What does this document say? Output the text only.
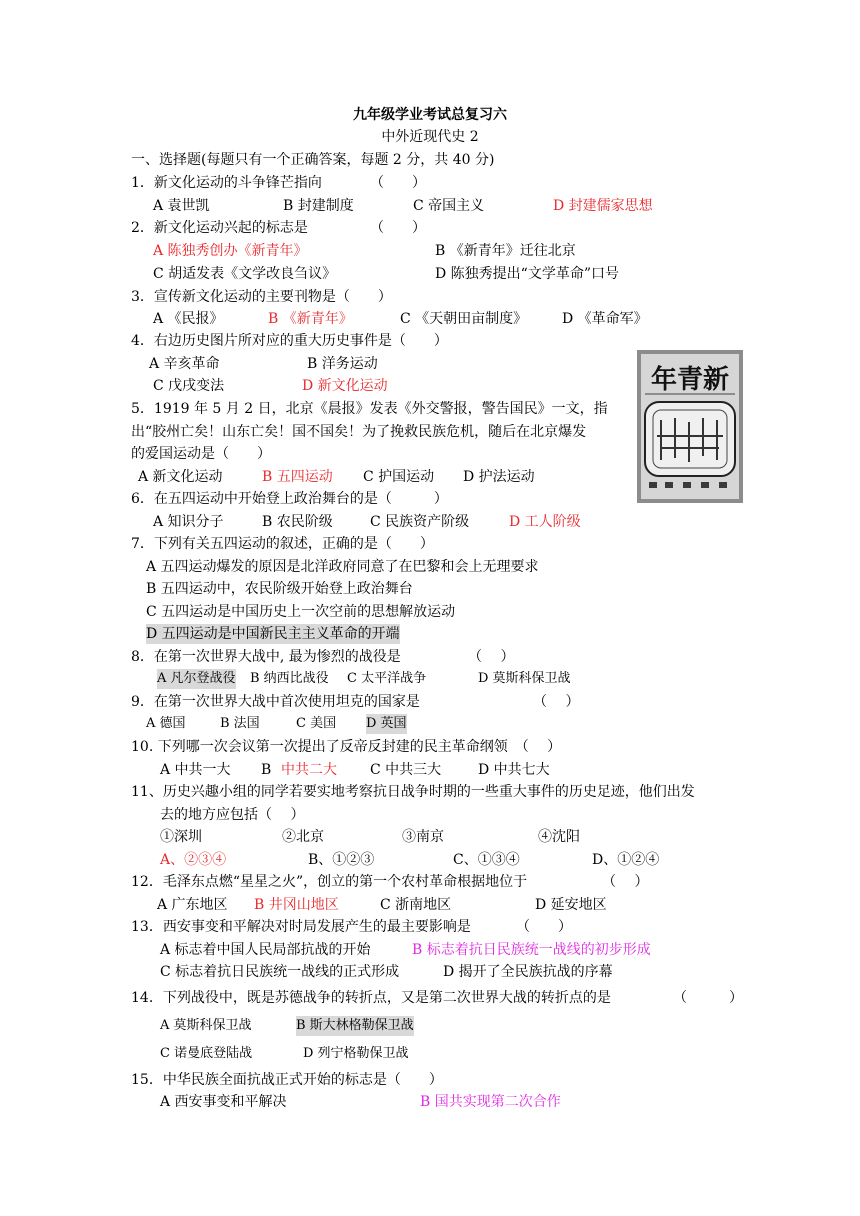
九年级学业考试总复习六
中外近现代史 2
一、选择题(每题只有一个正确答案，每题 2 分，共 40 分)
年青新
1．新文化运动的斗争锋芒指向	（　　）
A 袁世凯	B 封建制度	C 帝国主义	D 封建儒家思想
2．新文化运动兴起的标志是	（　　）
A 陈独秀创办《新青年》	B 《新青年》迁往北京
C 胡适发表《文学改良刍议》	D 陈独秀提出“文学革命”口号
3．宣传新文化运动的主要刊物是（　　）
A 《民报》	B 《新青年》	C 《天朝田亩制度》 D 《革命军》
4．右边历史图片所对应的重大历史事件是（　　）
A 辛亥革命	B 洋务运动
C 戊戌变法	D 新文化运动
5．1919 年 5 月 2 日，北京《晨报》发表《外交警报，警告国民》一文，指
出“胶州亡矣！山东亡矣！国不国矣！为了挽救民族危机，随后在北京爆发
的爱国运动是（　　）
A 新文化运动	B 五四运动 C 护国运动 D 护法运动
6．在五四运动中开始登上政治舞台的是（　　　）
A 知识分子	B 农民阶级	C 民族资产阶级	D 工人阶级
7．下列有关五四运动的叙述，正确的是（　　）
A 五四运动爆发的原因是北洋政府同意了在巴黎和会上无理要求
B 五四运动中，农民阶级开始登上政治舞台
C 五四运动是中国历史上一次空前的思想解放运动
D 五四运动是中国新民主主义革命的开端
8．在第一次世界大战中, 最为惨烈的战役是	（　 ）
A 凡尔登战役 B 纳西比战役 C 太平洋战争	D 莫斯科保卫战
9．在第一次世界大战中首次使用坦克的国家是	（　 ）
A 德国	B 法国	C 美国 D 英国
10. 下列哪一次会议第一次提出了反帝反封建的民主革命纲领　（　 ）
A 中共一大 B 中共二大 C 中共三大	D 中共七大
11、历史兴趣小组的同学若要实地考察抗日战争时期的一些重大事件的历史足迹，他们出发
去的地方应包括（　 ）
①深圳	②北京	③南京	④沈阳
A、②③④	B、①②③	C、①③④	D、①②④
12．毛泽东点燃“星星之火”，创立的第一个农村革命根据地位于	（　 ）
A 广东地区 B 井冈山地区	C 浙南地区	D 延安地区
13．西安事变和平解决对时局发展产生的最主要影响是	（　　）
A 标志着中国人民局部抗战的开始	B 标志着抗日民族统一战线的初步形成
C 标志着抗日民族统一战线的正式形成	D 揭开了全民族抗战的序幕
14．下列战役中，既是苏德战争的转折点，又是第二次世界大战的转折点的是	（　　　）
A 莫斯科保卫战	B 斯大林格勒保卫战
C 诺曼底登陆战	D 列宁格勒保卫战
15．中华民族全面抗战正式开始的标志是（　　）
A 西安事变和平解决	B 国共实现第二次合作
